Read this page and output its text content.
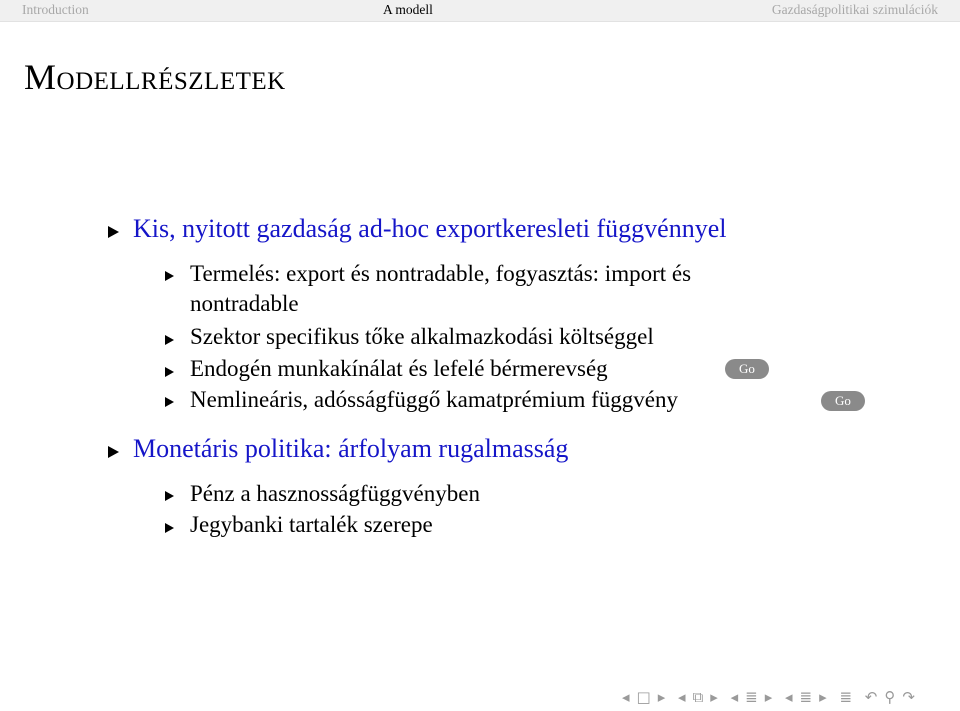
Introduction	A modell	Gazdaságpolitikai szimulációk
Modellrészletek
Kis, nyitott gazdaság ad-hoc exportkeresleti függvénnyel
Termelés: export és nontradable, fogyasztás: import és
nontradable
Szektor specifikus tőke alkalmazkodási költséggel
Endogén munkakínálat és lefelé bérmerevség	Go
Nemlineáris, adósságfüggő kamatprémium függvény	Go
Monetáris politika: árfolyam rugalmasság
Pénz a hasznosságfüggvényben
Jegybanki tartalék szerepe
◂ □ ▸ ◂ ⧉ ▸ ◂ ≣ ▸ ◂ ≣ ▸ ≣ ↶ ⚲ ↷
